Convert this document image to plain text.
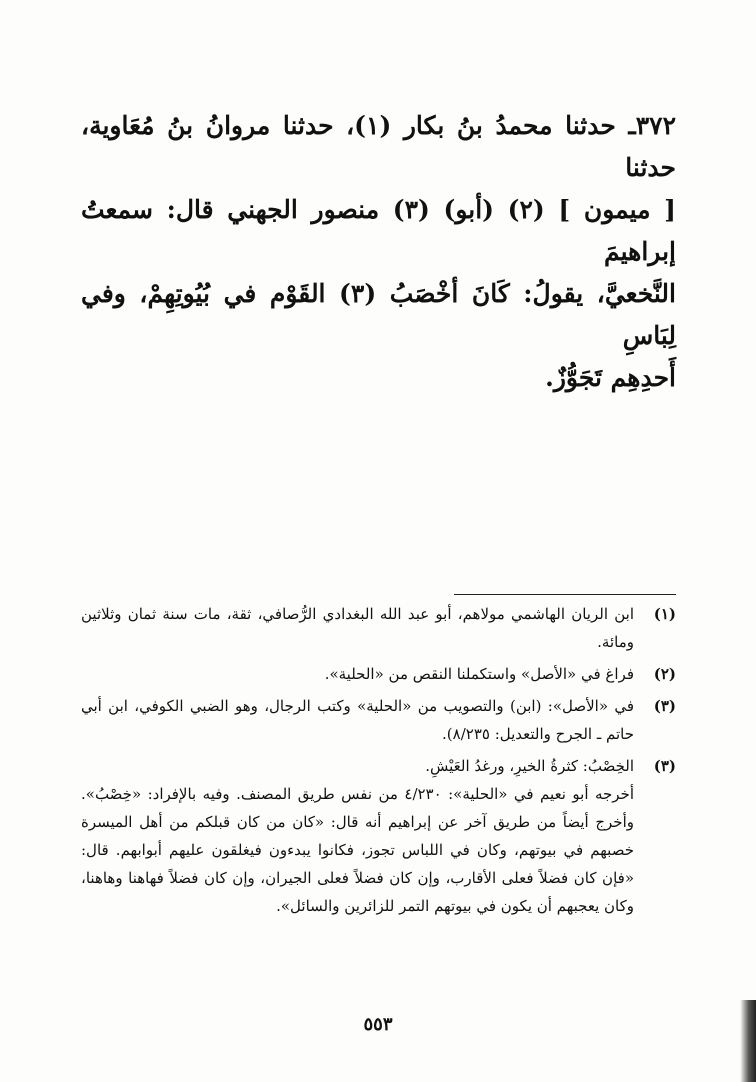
٣٧٢ـ حدثنا محمدُ بنُ بكار (١)، حدثنا مروانُ بنُ مُعَاوية، حدثنا

[ ميمون ] (٢) (أبو) (٣) منصور الجهني قال: سمعتُ إبراهيمَ

النَّخعيَّ، يقولُ: كَانَ أخْصَبُ (٣) القَوْم في بُيُوتِهِمْ، وفي لِبَاسِ

أَحدِهِم تَجَوُّزٌ.

(١)

ابن الريان الهاشمي مولاهم، أبو عبد الله البغدادي الرُّصافي، ثقة، مات سنة ثمان وثلاثين ومائة.

(٢)

فراغ في «الأصل» واستكملنا النقص من «الحلية».

(٣)

في «الأصل»: (ابن) والتصويب من «الحلية» وكتب الرجال، وهو الضبي الكوفي، ابن أبي حاتم ـ الجرح والتعديل: ٨/٢٣٥).

(٣)

الخِصْبُ: كثرةُ الخيرِ، ورغدُ العَيْشِ.

أخرجه أبو نعيم في «الحلية»: ٤/٢٣٠ من نفس طريق المصنف. وفيه بالإفراد: «خِصْبُ». وأخرج أيضاً من طريق آخر عن إبراهيم أنه قال: «كان من كان قبلكم من أهل الميسرة خصبهم في بيوتهم، وكان في اللباس تجوز، فكانوا يبدءون فيغلقون عليهم أبوابهم. قال: «فإن كان فضلاً فعلى الأقارب، وإن كان فضلاً فعلى الجيران، وإن كان فضلاً فهاهنا وهاهنا، وكان يعجبهم أن يكون في بيوتهم التمر للزائرين والسائل».

٥٥٣
